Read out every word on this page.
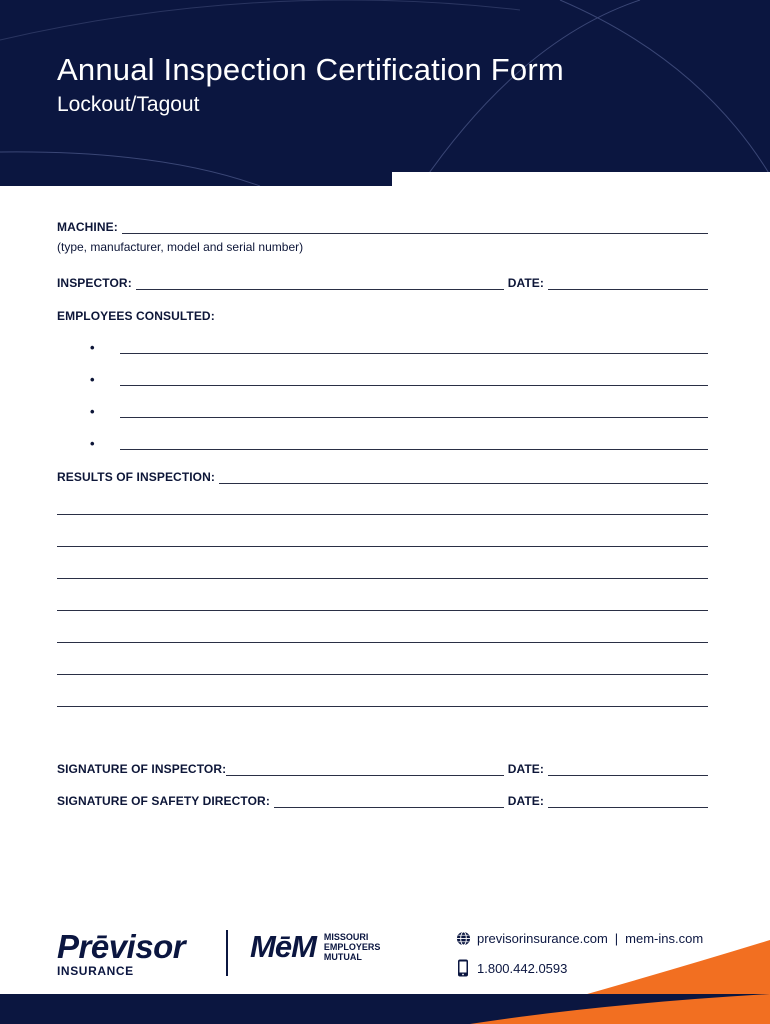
Annual Inspection Certification Form
Lockout/Tagout
MACHINE:
(type, manufacturer, model and serial number)
INSPECTOR:	DATE:
EMPLOYEES CONSULTED:
•
•
•
•
RESULTS OF INSPECTION:
SIGNATURE OF INSPECTOR:	DATE:
SIGNATURE OF SAFETY DIRECTOR:	DATE:
Prēvisor
INSURANCE
MēM MISSOURI
EMPLOYERS
MUTUAL
previsorinsurance.com | mem-ins.com
1.800.442.0593
